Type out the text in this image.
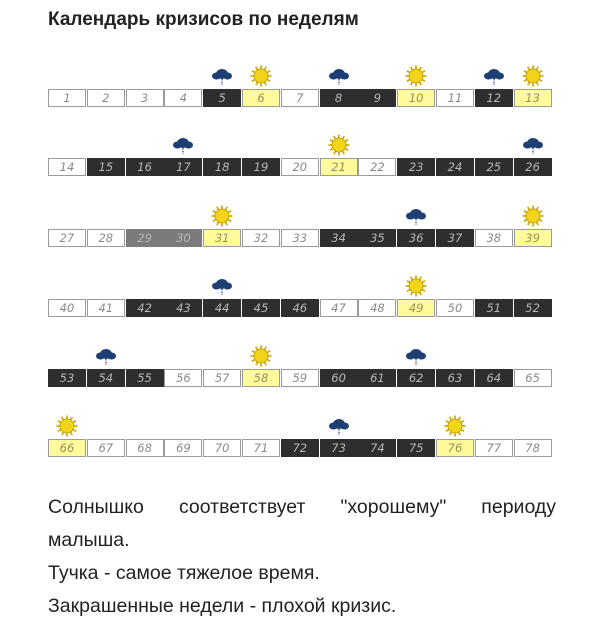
Календарь кризисов по неделям
1	2	3	4	5	6	7	8	9	10	11	12	13
14	15	16	17	18	19	20	21	22	23	24	25	26
27	28	29	30	31	32	33	34	35	36	37	38	39
40	41	42	43	44	45	46	47	48	49	50	51	52
53	54	55	56	57	58	59	60	61	62	63	64	65
66	67	68	69	70	71	72	73	74	75	76	77	78

Солнышко соответствует "хорошему" периоду

малыша.

Тучка - самое тяжелое время.

Закрашенные недели - плохой кризис.
